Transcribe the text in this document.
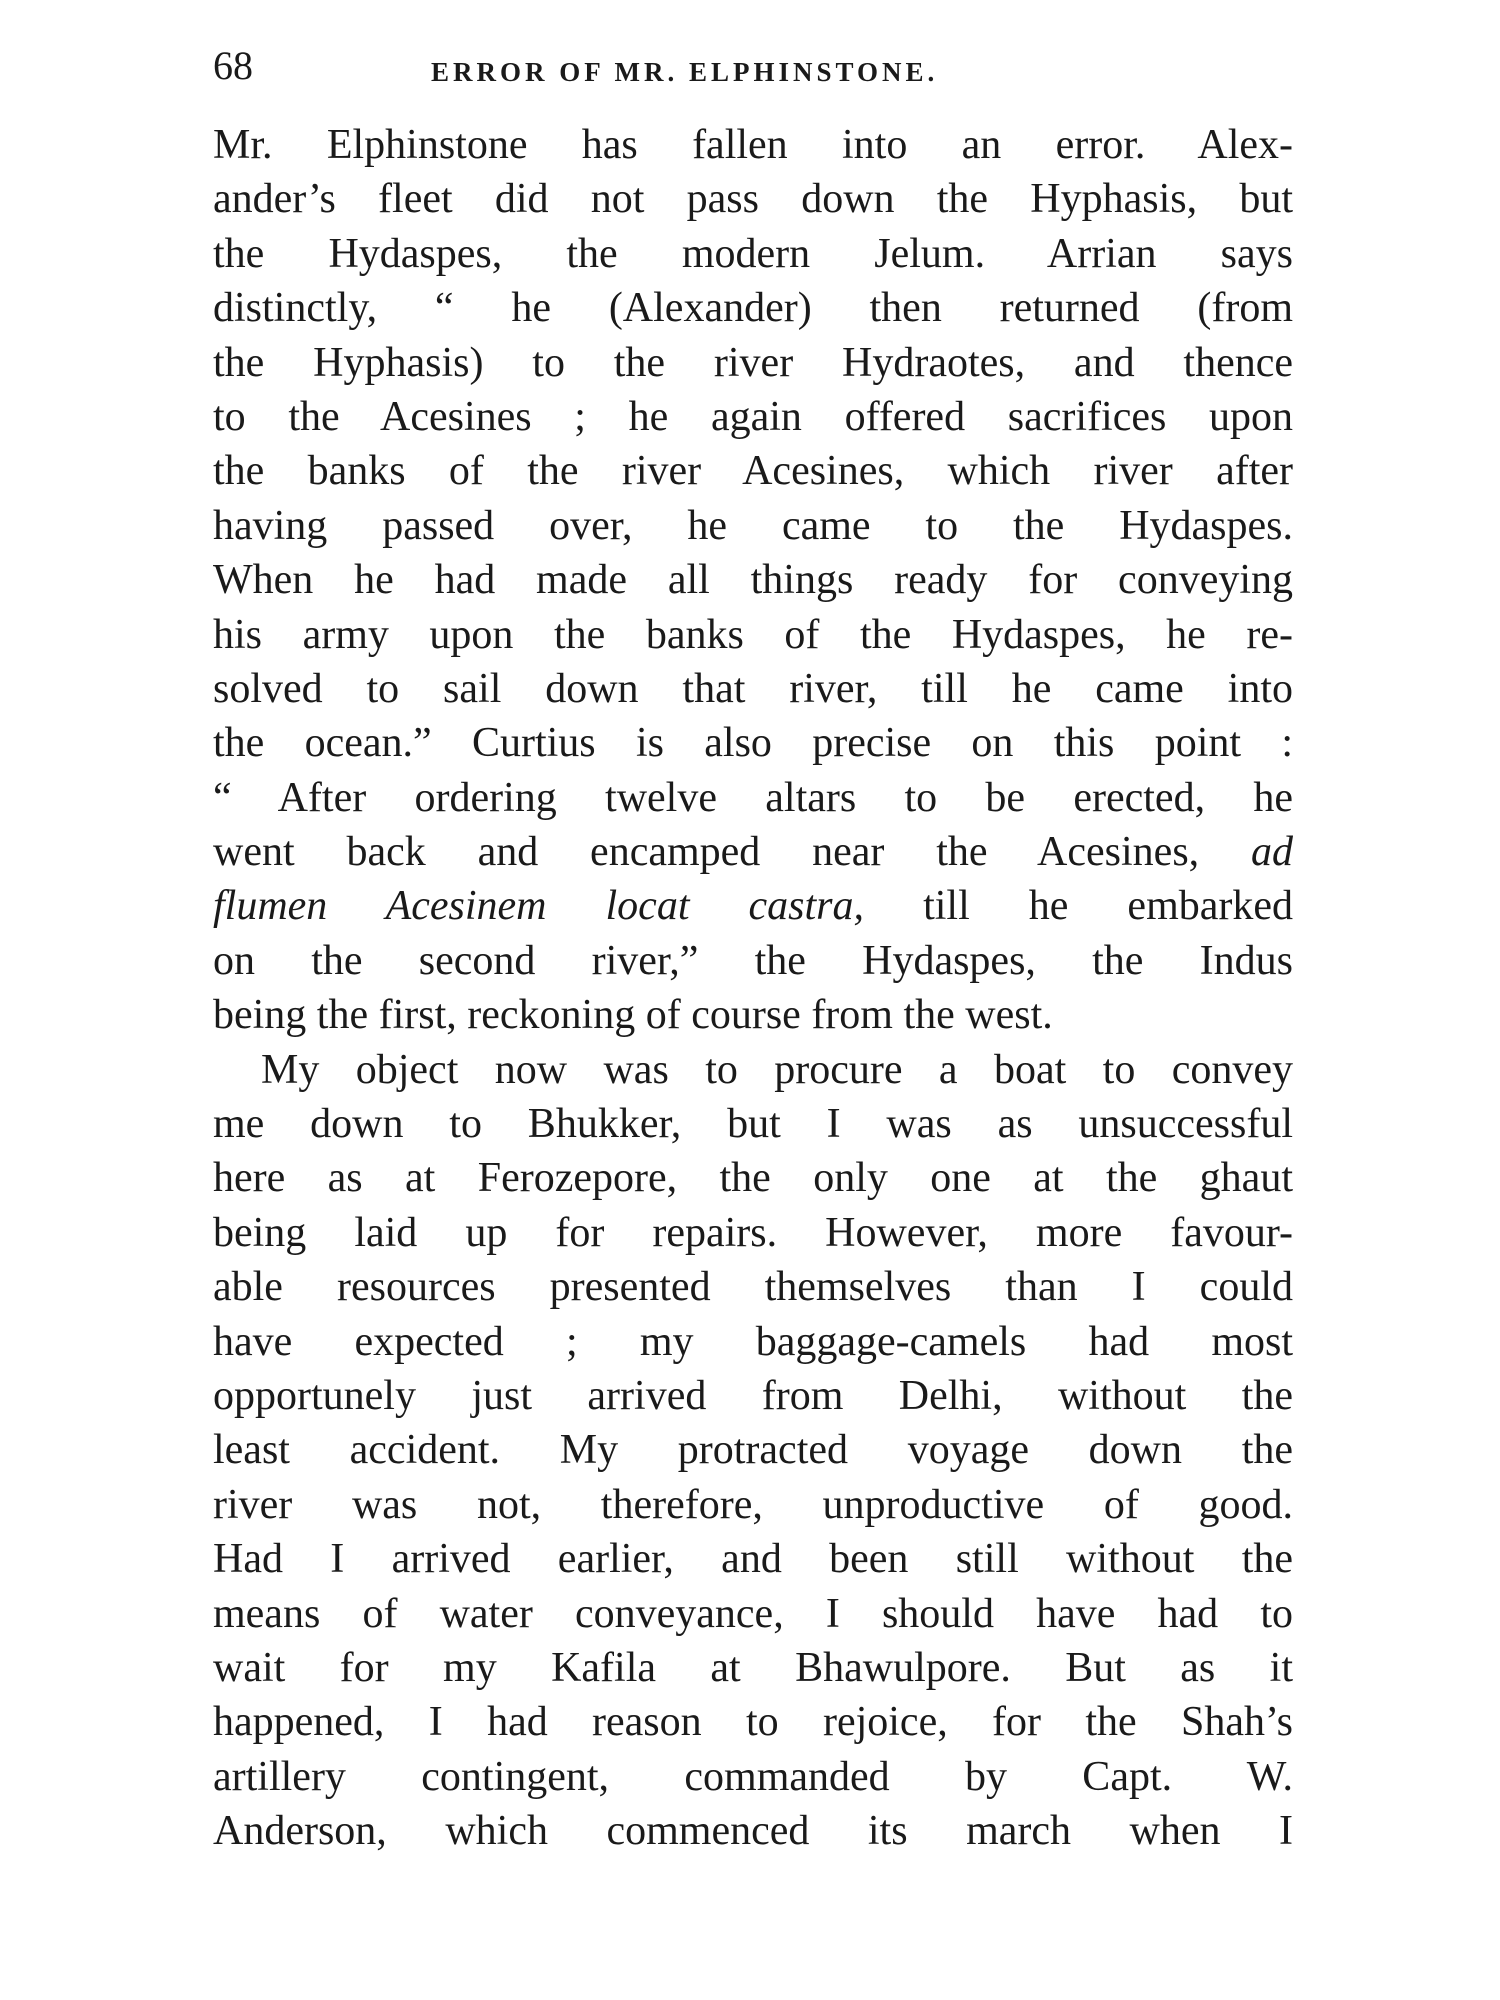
68	ERROR OF MR. ELPHINSTONE.
Mr. Elphinstone has fallen into an error. Alex-
ander’s fleet did not pass down the Hyphasis, but
the Hydaspes, the modern Jelum. Arrian says
distinctly, “ he (Alexander) then returned (from
the Hyphasis) to the river Hydraotes, and thence
to the Acesines ; he again offered sacrifices upon
the banks of the river Acesines, which river after
having passed over, he came to the Hydaspes.
When he had made all things ready for conveying
his army upon the banks of the Hydaspes, he re-
solved to sail down that river, till he came into
the ocean.” Curtius is also precise on this point :
“ After ordering twelve altars to be erected, he
went back and encamped near the Acesines, ad
flumen Acesinem locat castra, till he embarked
on the second river,” the Hydaspes, the Indus
being the first, reckoning of course from the west.
My object now was to procure a boat to convey
me down to Bhukker, but I was as unsuccessful
here as at Ferozepore, the only one at the ghaut
being laid up for repairs. However, more favour-
able resources presented themselves than I could
have expected ; my baggage-camels had most
opportunely just arrived from Delhi, without the
least accident. My protracted voyage down the
river was not, therefore, unproductive of good.
Had I arrived earlier, and been still without the
means of water conveyance, I should have had to
wait for my Kafila at Bhawulpore. But as it
happened, I had reason to rejoice, for the Shah’s
artillery contingent, commanded by Capt. W.
Anderson, which commenced its march when I
